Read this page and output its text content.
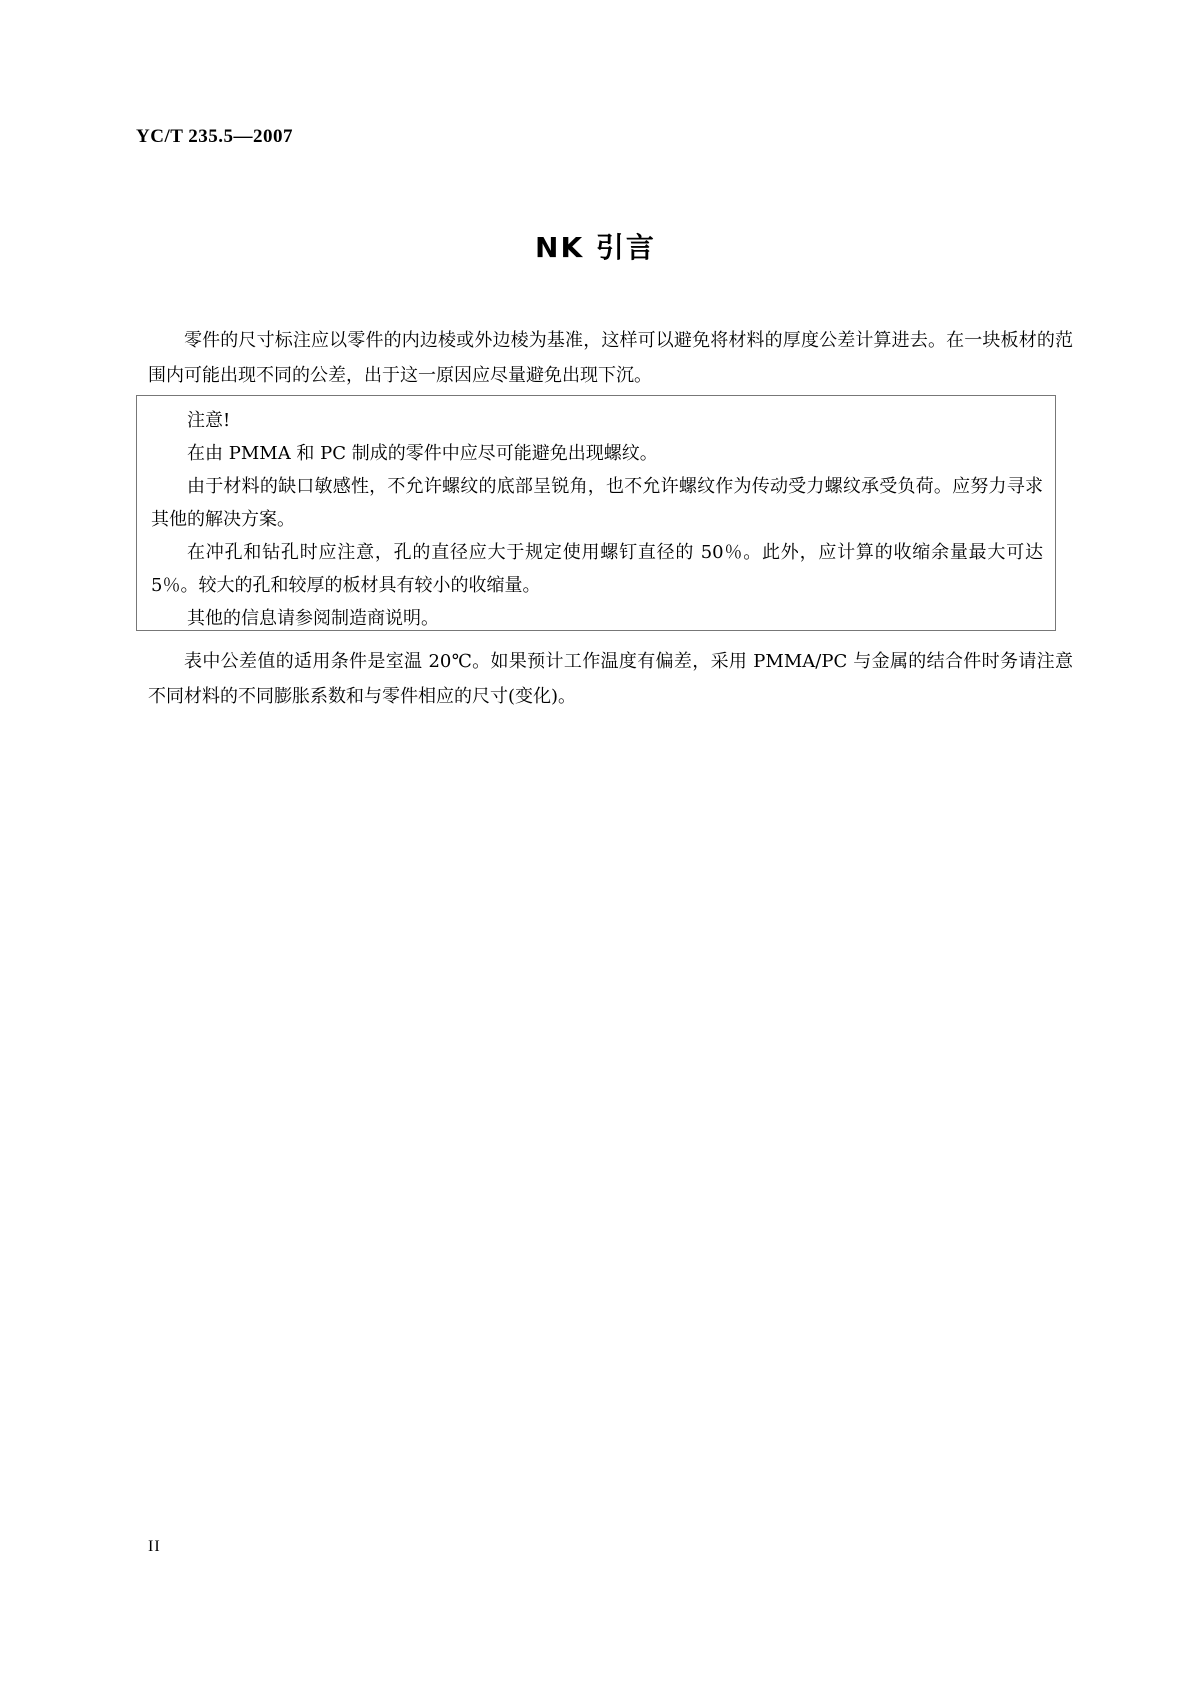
YC/T 235.5—2007
NK 引言

零件的尺寸标注应以零件的内边棱或外边棱为基准，这样可以避免将材料的厚度公差计算进去。在一块板材的范围内可能出现不同的公差，出于这一原因应尽量避免出现下沉。

注意!

在由 PMMA 和 PC 制成的零件中应尽可能避免出现螺纹。

由于材料的缺口敏感性，不允许螺纹的底部呈锐角，也不允许螺纹作为传动受力螺纹承受负荷。应努力寻求其他的解决方案。

在冲孔和钻孔时应注意，孔的直径应大于规定使用螺钉直径的 50％。此外，应计算的收缩余量最大可达 5％。较大的孔和较厚的板材具有较小的收缩量。

其他的信息请参阅制造商说明。

表中公差值的适用条件是室温 20℃。如果预计工作温度有偏差，采用 PMMA/PC 与金属的结合件时务请注意不同材料的不同膨胀系数和与零件相应的尺寸(变化)。

II
